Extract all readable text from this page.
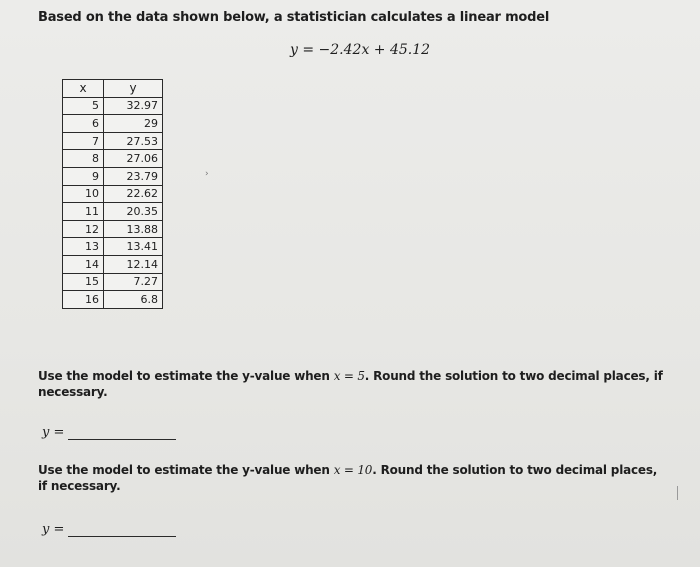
Based on the data shown below, a statistician calculates a linear model
y = −2.42x + 45.12
x	y
5	32.97
6	29
7	27.53
8	27.06
9	23.79
10	22.62
11	20.35
12	13.88
13	13.41
14	12.14
15	7.27
16	6.8
›
Use the model to estimate the y-value when x = 5. Round the solution to two decimal places, if necessary.
y =
Use the model to estimate the y-value when x = 10. Round the solution to two decimal places, if necessary.
y =
